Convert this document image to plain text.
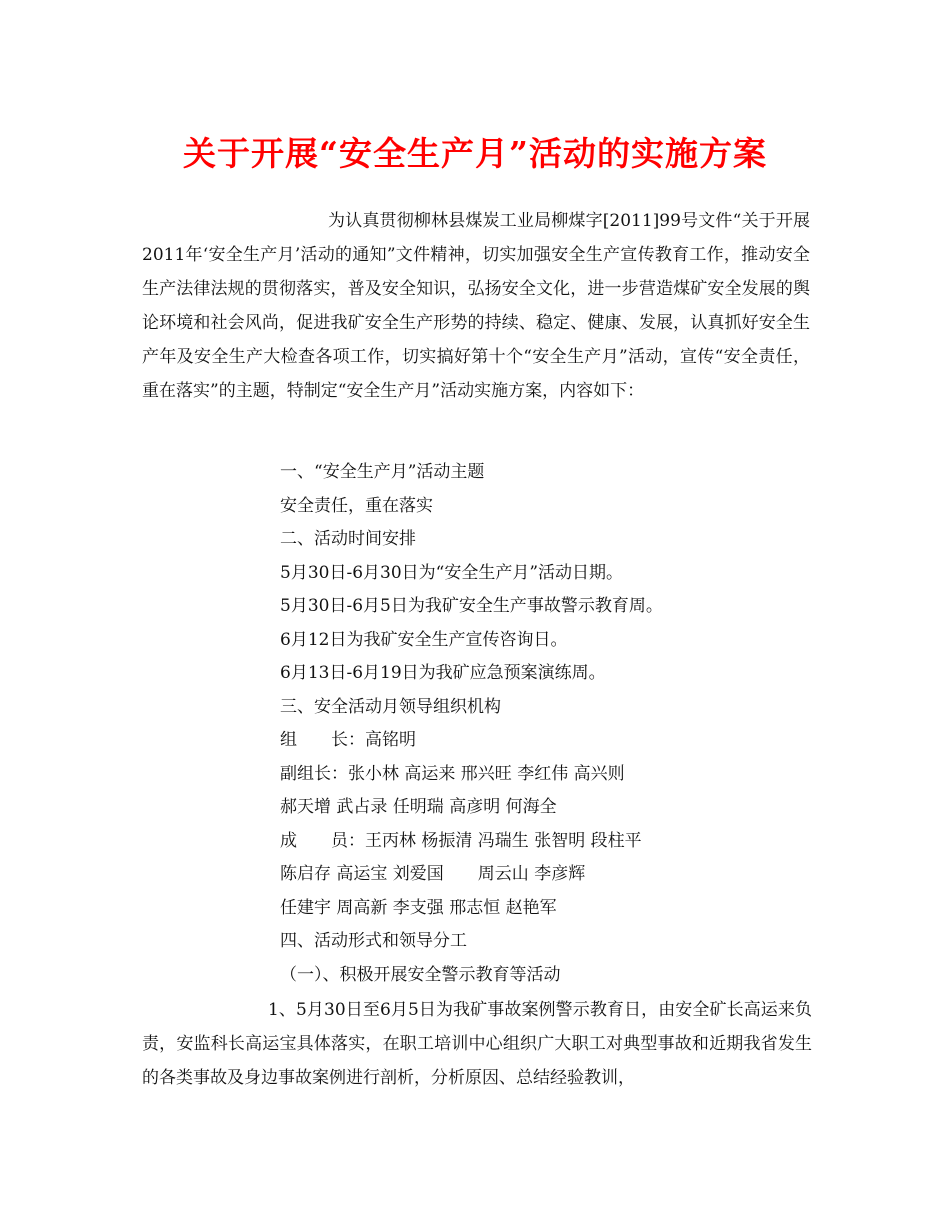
关于开展“安全生产月”活动的实施方案
为认真贯彻柳林县煤炭工业局柳煤字[2011]99号文件“关于开展2011年‘安全生产月’活动的通知”文件精神，切实加强安全生产宣传教育工作，推动安全生产法律法规的贯彻落实，普及安全知识，弘扬安全文化，进一步营造煤矿安全发展的舆论环境和社会风尚，促进我矿安全生产形势的持续、稳定、健康、发展，认真抓好安全生产年及安全生产大检查各项工作，切实搞好第十个“安全生产月”活动，宣传“安全责任，重在落实”的主题，特制定“安全生产月”活动实施方案，内容如下：
一、“安全生产月”活动主题
安全责任，重在落实
二、活动时间安排
5月30日-6月30日为“安全生产月”活动日期。
5月30日-6月5日为我矿安全生产事故警示教育周。
6月12日为我矿安全生产宣传咨询日。
6月13日-6月19日为我矿应急预案演练周。
三、安全活动月领导组织机构
组　　长：高铭明
副组长：张小林 高运来 邢兴旺 李红伟 高兴则
郝天增 武占录 任明瑞 高彦明 何海全
成　　员：王丙林 杨振清 冯瑞生 张智明 段柱平
陈启存 高运宝 刘爱国　　周云山 李彦辉
任建宇 周高新 李支强 邢志恒 赵艳军
四、活动形式和领导分工
（一）、积极开展安全警示教育等活动
1、5月30日至6月5日为我矿事故案例警示教育日，由安全矿长高运来负责，安监科长高运宝具体落实，在职工培训中心组织广大职工对典型事故和近期我省发生的各类事故及身边事故案例进行剖析，分析原因、总结经验教训，
